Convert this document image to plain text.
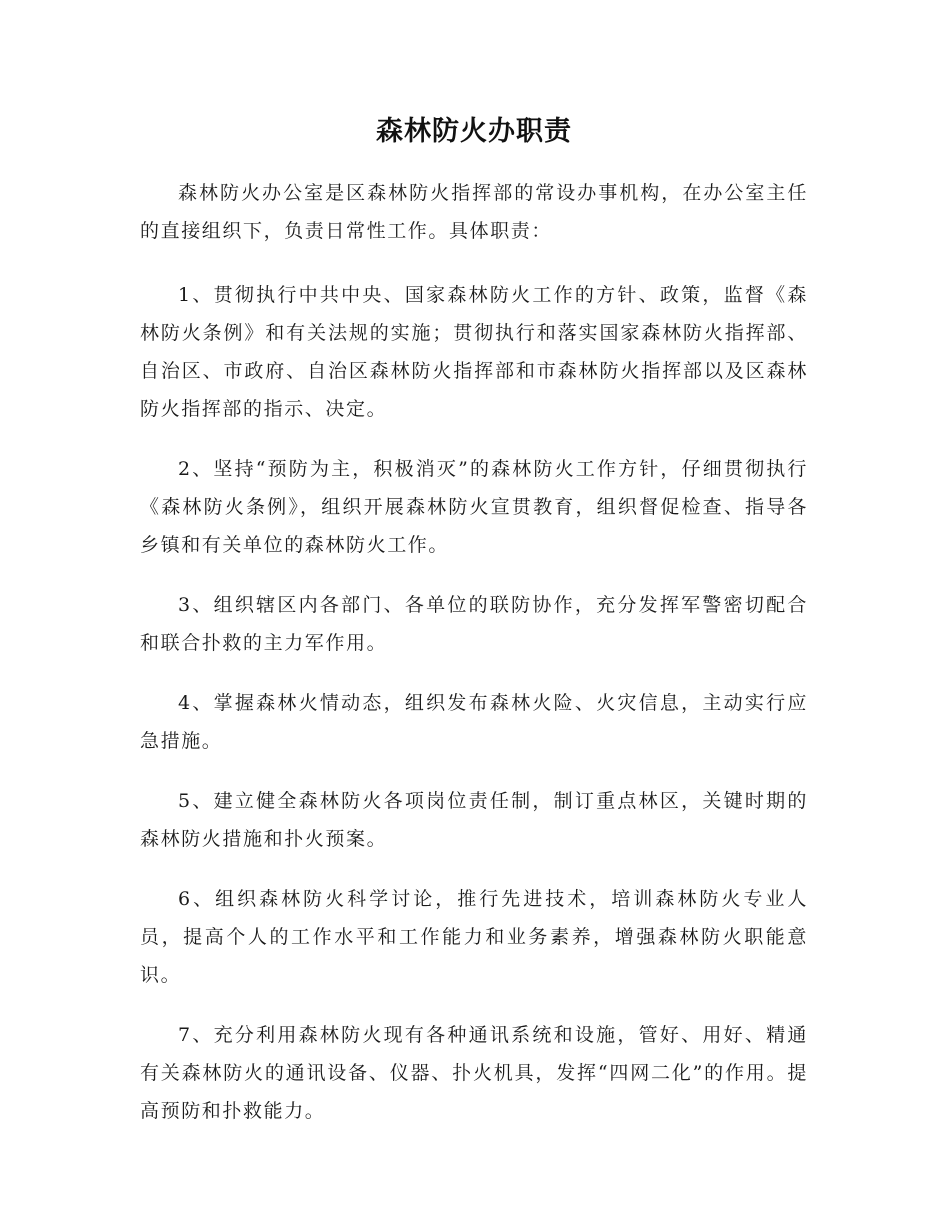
森林防火办职责

森林防火办公室是区森林防火指挥部的常设办事机构，在办公室主任的直接组织下，负责日常性工作。具体职责：

1、贯彻执行中共中央、国家森林防火工作的方针、政策，监督《森林防火条例》和有关法规的实施；贯彻执行和落实国家森林防火指挥部、自治区、市政府、自治区森林防火指挥部和市森林防火指挥部以及区森林防火指挥部的指示、决定。

2、坚持“预防为主，积极消灭”的森林防火工作方针，仔细贯彻执行《森林防火条例》，组织开展森林防火宣贯教育，组织督促检查、指导各乡镇和有关单位的森林防火工作。

3、组织辖区内各部门、各单位的联防协作，充分发挥军警密切配合和联合扑救的主力军作用。

4、掌握森林火情动态，组织发布森林火险、火灾信息，主动实行应急措施。

5、建立健全森林防火各项岗位责任制，制订重点林区，关键时期的森林防火措施和扑火预案。

6、组织森林防火科学讨论，推行先进技术，培训森林防火专业人员，提高个人的工作水平和工作能力和业务素养，增强森林防火职能意识。

7、充分利用森林防火现有各种通讯系统和设施，管好、用好、精通有关森林防火的通讯设备、仪器、扑火机具，发挥“四网二化”的作用。提高预防和扑救能力。
